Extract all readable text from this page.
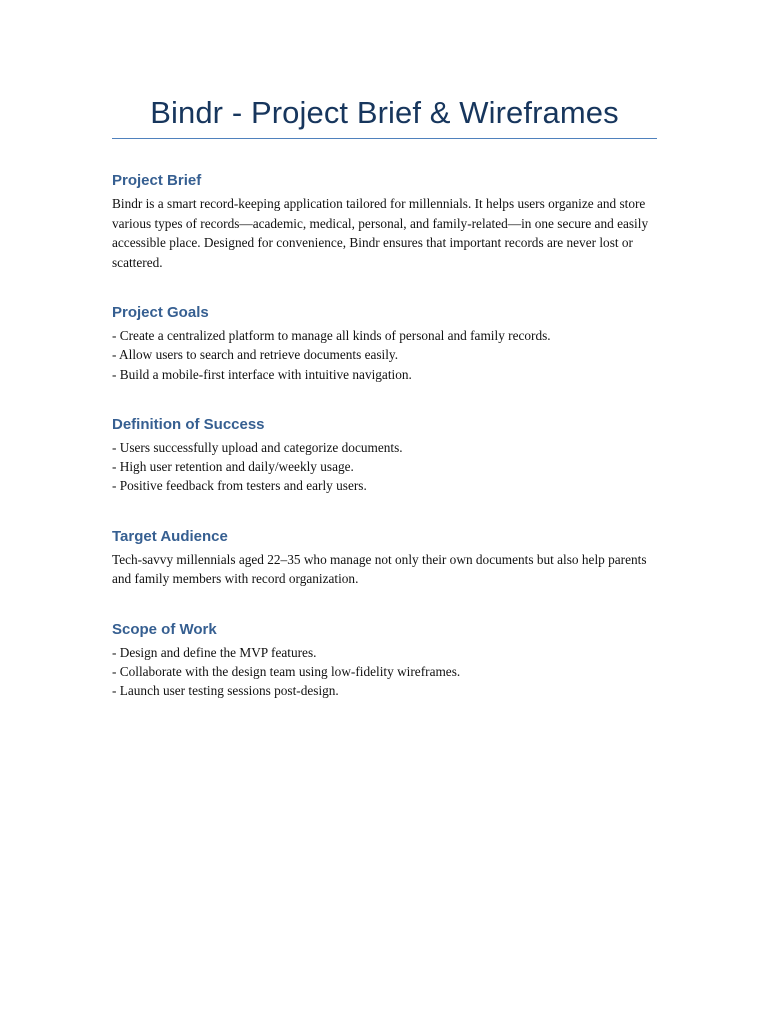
Bindr - Project Brief & Wireframes
Project Brief

Bindr is a smart record-keeping application tailored for millennials. It helps users organize and store various types of records—academic, medical, personal, and family-related—in one secure and easily accessible place. Designed for convenience, Bindr ensures that important records are never lost or scattered.

Project Goals
- Create a centralized platform to manage all kinds of personal and family records.
- Allow users to search and retrieve documents easily.
- Build a mobile-first interface with intuitive navigation.
Definition of Success
- Users successfully upload and categorize documents.
- High user retention and daily/weekly usage.
- Positive feedback from testers and early users.
Target Audience

Tech-savvy millennials aged 22–35 who manage not only their own documents but also help parents and family members with record organization.

Scope of Work
- Design and define the MVP features.
- Collaborate with the design team using low-fidelity wireframes.
- Launch user testing sessions post-design.
